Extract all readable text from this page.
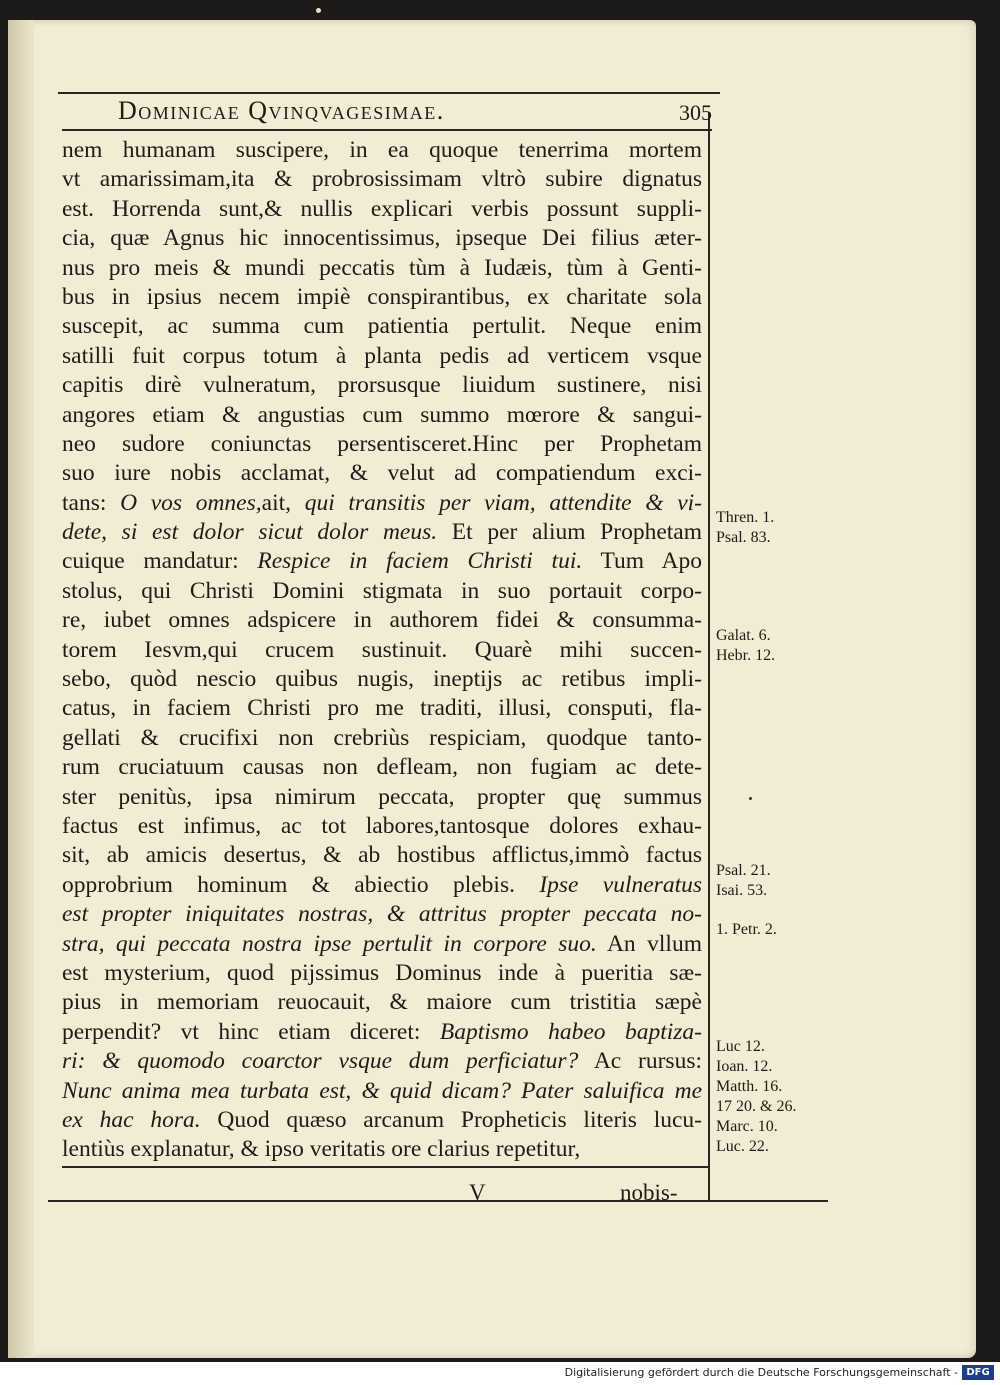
Dominicae Qvinqvagesimae.	305
nem humanam suscipere, in ea quoque tenerrima mortem
vt amarissimam,ita & probrosissimam vltrò subire dignatus
est. Horrenda sunt,& nullis explicari verbis possunt suppli-
cia, quæ Agnus hic innocentissimus, ipseque Dei filius æter-
nus pro meis & mundi peccatis tùm à Iudæis, tùm à Genti-
bus in ipsius necem impiè conspirantibus, ex charitate sola
suscepit, ac summa cum patientia pertulit. Neque enim
satilli fuit corpus totum à planta pedis ad verticem vsque
capitis dirè vulneratum, prorsusque liuidum sustinere, nisi
angores etiam & angustias cum summo mœrore & sangui-
neo sudore coniunctas persentisceret.Hinc per Prophetam
suo iure nobis acclamat, & velut ad compatiendum exci-
tans: O vos omnes,ait, qui transitis per viam, attendite & vi-
dete, si est dolor sicut dolor meus. Et per alium Prophetam
cuique mandatur: Respice in faciem Christi tui. Tum Apo
stolus, qui Christi Domini stigmata in suo portauit corpo-
re, iubet omnes adspicere in authorem fidei & consumma-
torem Iesvm,qui crucem sustinuit. Quarè mihi succen-
sebo, quòd nescio quibus nugis, ineptijs ac retibus impli-
catus, in faciem Christi pro me traditi, illusi, consputi, fla-
gellati & crucifixi non crebriùs respiciam, quodque tanto-
rum cruciatuum causas non defleam, non fugiam ac dete-
ster penitùs, ipsa nimirum peccata, propter quę summus
factus est infimus, ac tot labores,tantosque dolores exhau-
sit, ab amicis desertus, & ab hostibus afflictus,immò factus
opprobrium hominum & abiectio plebis. Ipse vulneratus
est propter iniquitates nostras, & attritus propter peccata no-
stra, qui peccata nostra ipse pertulit in corpore suo. An vllum
est mysterium, quod pijssimus Dominus inde à pueritia sæ-
pius in memoriam reuocauit, & maiore cum tristitia sæpè
perpendit? vt hinc etiam diceret: Baptismo habeo baptiza-
ri: & quomodo coarctor vsque dum perficiatur? Ac rursus:
Nunc anima mea turbata est, & quid dicam? Pater saluifica me
ex hac hora. Quod quæso arcanum Propheticis literis lucu-
lentiùs explanatur, & ipso veritatis ore clarius repetitur,
Thren. 1.
Psal. 83.
Galat. 6.
Hebr. 12.
Psal. 21.
Isai. 53.
1. Petr. 2.
Luc 12.
Ioan. 12.
Matth. 16.
17 20. & 26.
Marc. 10.
Luc. 22.
V	nobis-
Digitalisierung gefördert durch die Deutsche Forschungsgemeinschaft - DFG
